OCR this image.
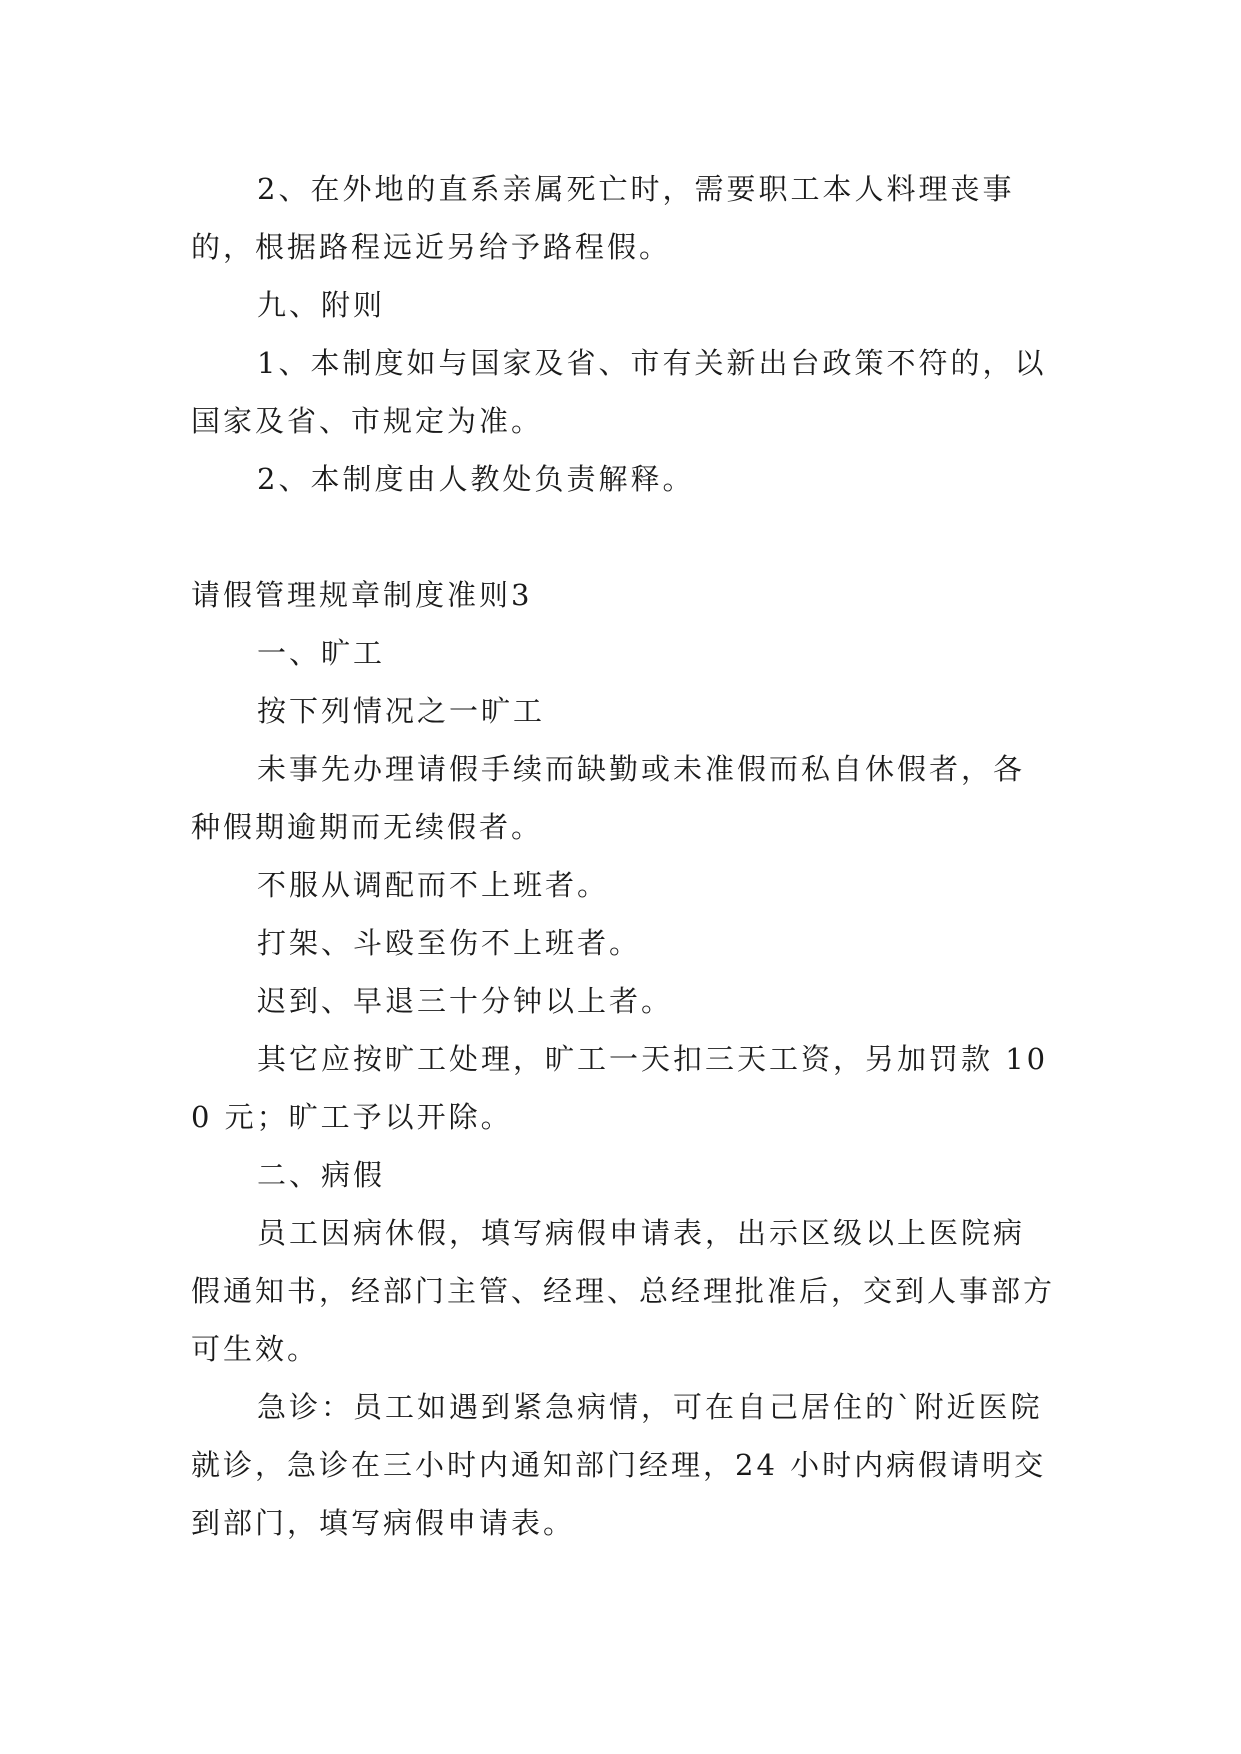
2、在外地的直系亲属死亡时，需要职工本人料理丧事的，根据路程远近另给予路程假。

九、附则

1、本制度如与国家及省、市有关新出台政策不符的，以国家及省、市规定为准。

2、本制度由人教处负责解释。

请假管理规章制度准则3

一、旷工

按下列情况之一旷工

未事先办理请假手续而缺勤或未准假而私自休假者，各种假期逾期而无续假者。

不服从调配而不上班者。

打架、斗殴至伤不上班者。

迟到、早退三十分钟以上者。

其它应按旷工处理，旷工一天扣三天工资，另加罚款 100 元；旷工予以开除。

二、病假

员工因病休假，填写病假申请表，出示区级以上医院病假通知书，经部门主管、经理、总经理批准后，交到人事部方可生效。

急诊：员工如遇到紧急病情，可在自己居住的`附近医院就诊，急诊在三小时内通知部门经理，24 小时内病假请明交到部门，填写病假申请表。
